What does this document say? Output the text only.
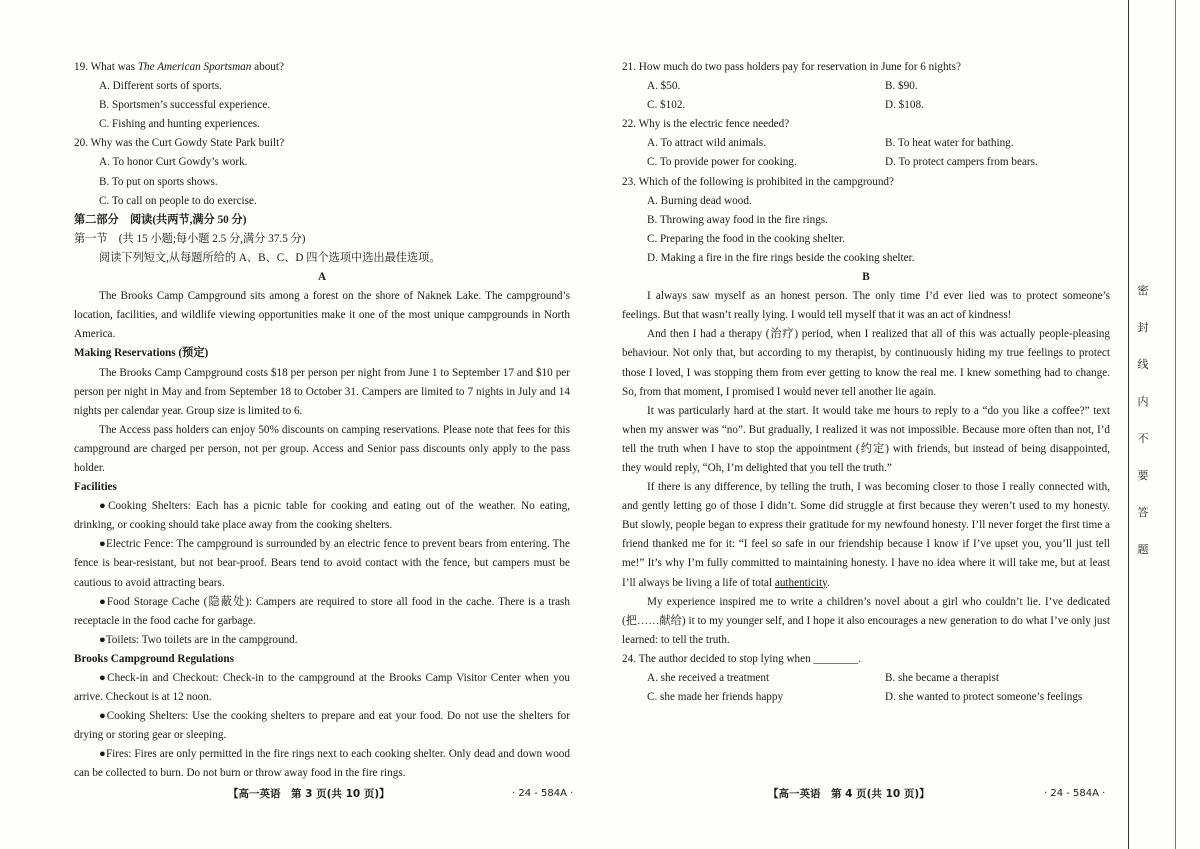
19. What was The American Sportsman about?
A. Different sorts of sports.
B. Sportsmen’s successful experience.
C. Fishing and hunting experiences.
20. Why was the Curt Gowdy State Park built?
A. To honor Curt Gowdy’s work.
B. To put on sports shows.
C. To call on people to do exercise.
第二部分　阅读(共两节,满分 50 分)
第一节　(共 15 小题;每小题 2.5 分,满分 37.5 分)
阅读下列短文,从每题所给的 A、B、C、D 四个选项中选出最佳选项。
A

The Brooks Camp Campground sits among a forest on the shore of Naknek Lake. The campground’s location, facilities, and wildlife viewing opportunities make it one of the most unique campgrounds in North America.

Making Reservations (预定)

The Brooks Camp Campground costs $18 per person per night from June 1 to September 17 and $10 per person per night in May and from September 18 to October 31. Campers are limited to 7 nights in July and 14 nights per calendar year. Group size is limited to 6.

The Access pass holders can enjoy 50% discounts on camping reservations. Please note that fees for this campground are charged per person, not per group. Access and Senior pass discounts only apply to the pass holder.

Facilities

●Cooking Shelters: Each has a picnic table for cooking and eating out of the weather. No eating, drinking, or cooking should take place away from the cooking shelters.

●Electric Fence: The campground is surrounded by an electric fence to prevent bears from entering. The fence is bear-resistant, but not bear-proof. Bears tend to avoid contact with the fence, but campers must be cautious to avoid attracting bears.

●Food Storage Cache (隐蔽处): Campers are required to store all food in the cache. There is a trash receptacle in the food cache for garbage.

●Toilets: Two toilets are in the campground.

Brooks Campground Regulations

●Check-in and Checkout: Check-in to the campground at the Brooks Camp Visitor Center when you arrive. Checkout is at 12 noon.

●Cooking Shelters: Use the cooking shelters to prepare and eat your food. Do not use the shelters for drying or storing gear or sleeping.

●Fires: Fires are only permitted in the fire rings next to each cooking shelter. Only dead and down wood can be collected to burn. Do not burn or throw away food in the fire rings.

【高一英语　第 3 页(共 10 页)】	· 24 - 584A ·
21. How much do two pass holders pay for reservation in June for 6 nights?
A. $50.	B. $90.
C. $102.	D. $108.
22. Why is the electric fence needed?
A. To attract wild animals.	B. To heat water for bathing.
C. To provide power for cooking.	D. To protect campers from bears.
23. Which of the following is prohibited in the campground?
A. Burning dead wood.
B. Throwing away food in the fire rings.
C. Preparing the food in the cooking shelter.
D. Making a fire in the fire rings beside the cooking shelter.
B

I always saw myself as an honest person. The only time I’d ever lied was to protect someone’s feelings. But that wasn’t really lying. I would tell myself that it was an act of kindness!

And then I had a therapy (治疗) period, when I realized that all of this was actually people-pleasing behaviour. Not only that, but according to my therapist, by continuously hiding my true feelings to protect those I loved, I was stopping them from ever getting to know the real me. I knew something had to change. So, from that moment, I promised I would never tell another lie again.

It was particularly hard at the start. It would take me hours to reply to a “do you like a coffee?” text when my answer was “no”. But gradually, I realized it was not impossible. Because more often than not, I’d tell the truth when I have to stop the appointment (约定) with friends, but instead of being disappointed, they would reply, “Oh, I’m delighted that you tell the truth.”

If there is any difference, by telling the truth, I was becoming closer to those I really connected with, and gently letting go of those I didn’t. Some did struggle at first because they weren’t used to my honesty. But slowly, people began to express their gratitude for my newfound honesty. I’ll never forget the first time a friend thanked me for it: “I feel so safe in our friendship because I know if I’ve upset you, you’ll just tell me!” It’s why I’m fully committed to maintaining honesty. I have no idea where it will take me, but at least I’ll always be living a life of total authenticity.

My experience inspired me to write a children’s novel about a girl who couldn’t lie. I’ve dedicated (把……献给) it to my younger self, and I hope it also encourages a new generation to do what I’ve only just learned: to tell the truth.

24. The author decided to stop lying when ________.
A. she received a treatment	B. she became a therapist
C. she made her friends happy	D. she wanted to protect someone’s feelings
【高一英语　第 4 页(共 10 页)】	· 24 - 584A ·
密
封
线
内
不
要
答
题
